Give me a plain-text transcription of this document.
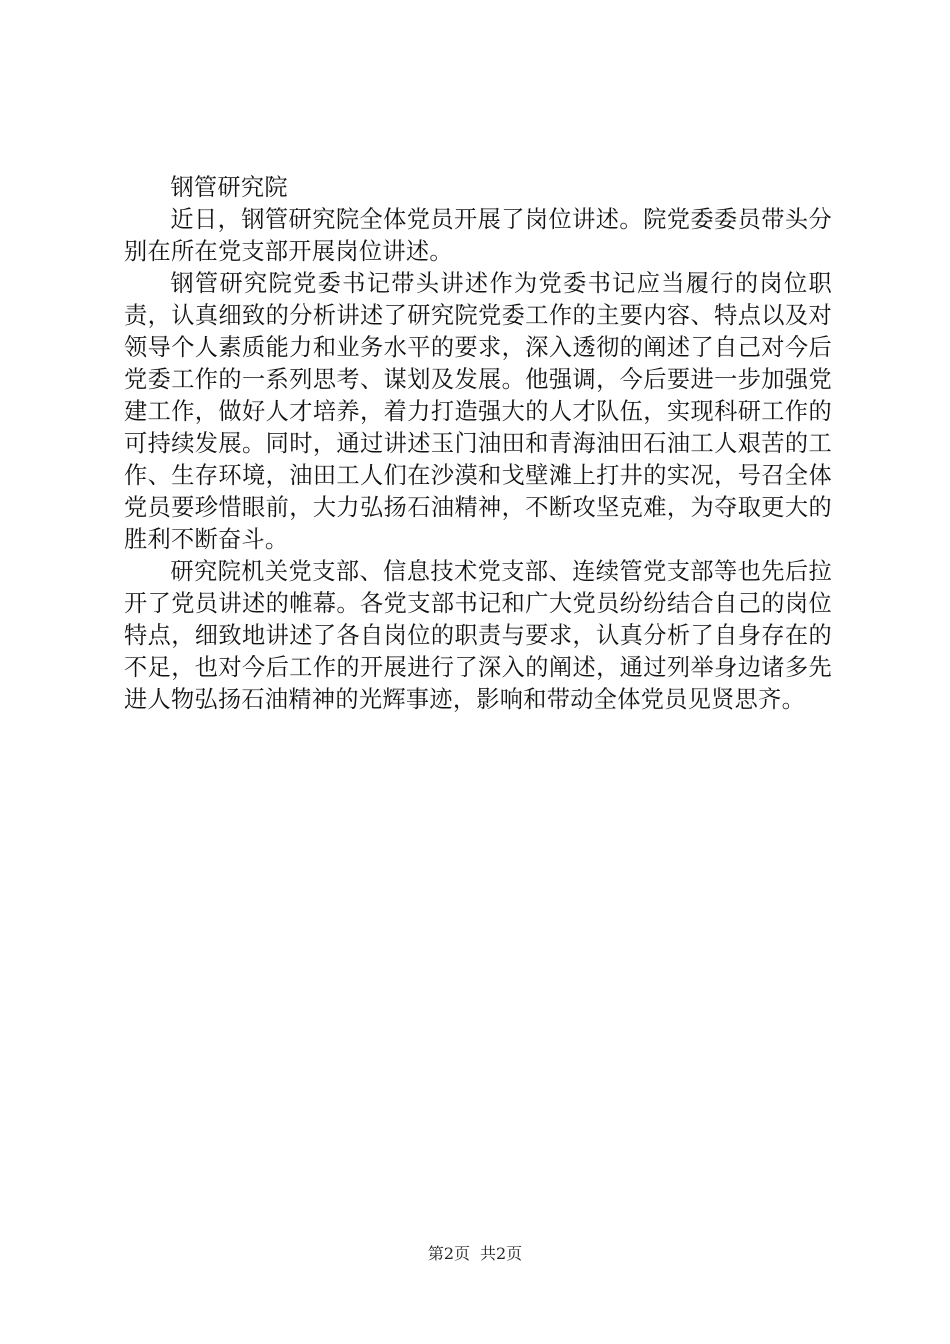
钢管研究院

近日，钢管研究院全体党员开展了岗位讲述。院党委委员带头分别在所在党支部开展岗位讲述。

钢管研究院党委书记带头讲述作为党委书记应当履行的岗位职责，认真细致的分析讲述了研究院党委工作的主要内容、特点以及对领导个人素质能力和业务水平的要求，深入透彻的阐述了自己对今后党委工作的一系列思考、谋划及发展。他强调，今后要进一步加强党建工作，做好人才培养，着力打造强大的人才队伍，实现科研工作的可持续发展。同时，通过讲述玉门油田和青海油田石油工人艰苦的工作、生存环境，油田工人们在沙漠和戈壁滩上打井的实况，号召全体党员要珍惜眼前，大力弘扬石油精神，不断攻坚克难，为夺取更大的胜利不断奋斗。

研究院机关党支部、信息技术党支部、连续管党支部等也先后拉开了党员讲述的帷幕。各党支部书记和广大党员纷纷结合自己的岗位特点，细致地讲述了各自岗位的职责与要求，认真分析了自身存在的不足，也对今后工作的开展进行了深入的阐述，通过列举身边诸多先进人物弘扬石油精神的光辉事迹，影响和带动全体党员见贤思齐。

第2页 共2页
